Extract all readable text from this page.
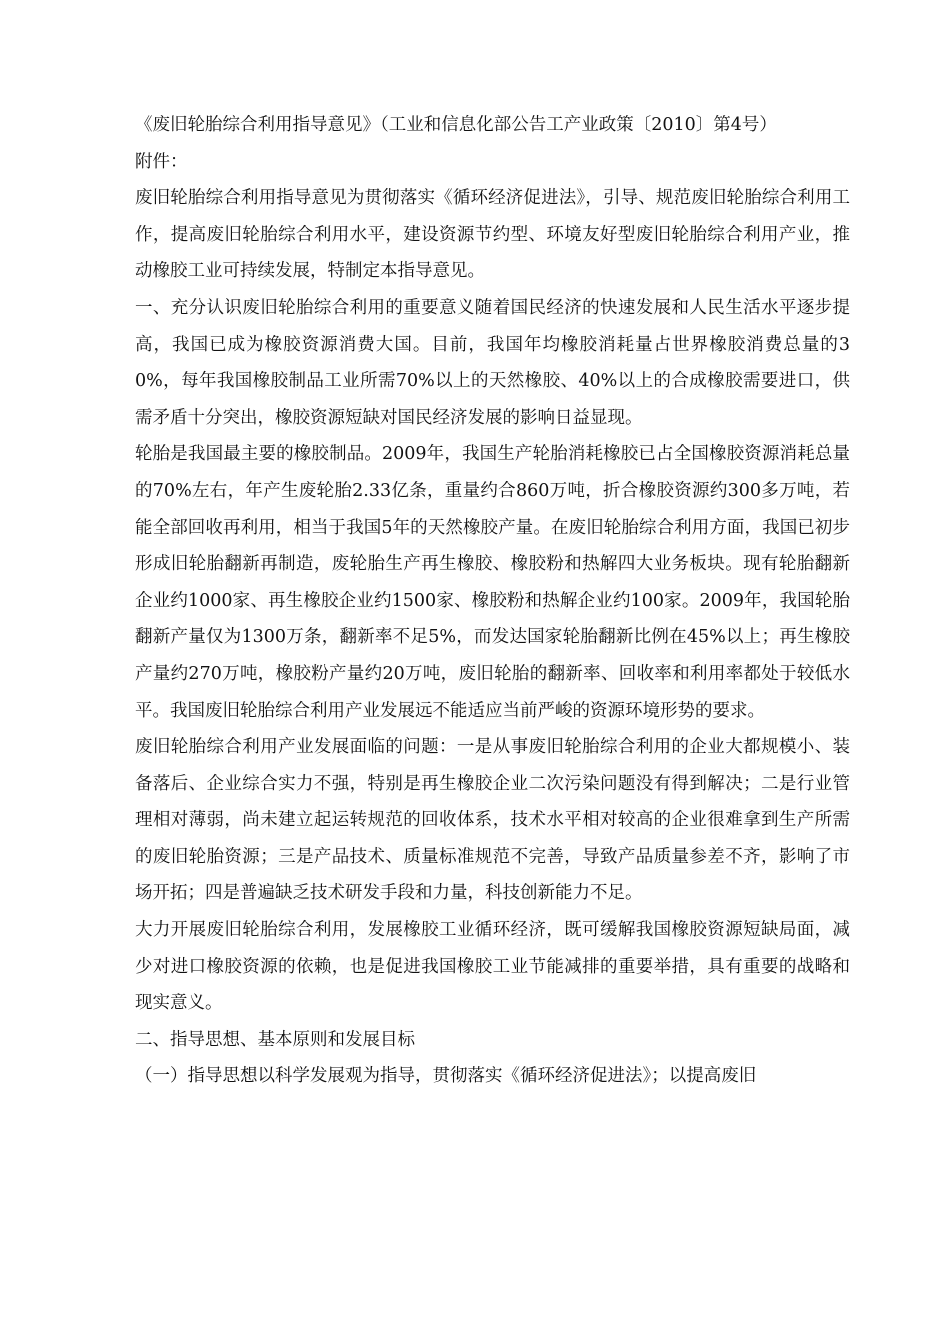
《废旧轮胎综合利用指导意见》（工业和信息化部公告工产业政策〔2010〕第4号）

附件：

废旧轮胎综合利用指导意见为贯彻落实《循环经济促进法》，引导、规范废旧轮胎综合利用工作，提高废旧轮胎综合利用水平，建设资源节约型、环境友好型废旧轮胎综合利用产业，推动橡胶工业可持续发展，特制定本指导意见。

一、充分认识废旧轮胎综合利用的重要意义随着国民经济的快速发展和人民生活水平逐步提高，我国已成为橡胶资源消费大国。目前，我国年均橡胶消耗量占世界橡胶消费总量的30%，每年我国橡胶制品工业所需70%以上的天然橡胶、40%以上的合成橡胶需要进口，供需矛盾十分突出，橡胶资源短缺对国民经济发展的影响日益显现。

轮胎是我国最主要的橡胶制品。2009年，我国生产轮胎消耗橡胶已占全国橡胶资源消耗总量的70%左右，年产生废轮胎2.33亿条，重量约合860万吨，折合橡胶资源约300多万吨，若能全部回收再利用，相当于我国5年的天然橡胶产量。在废旧轮胎综合利用方面，我国已初步形成旧轮胎翻新再制造，废轮胎生产再生橡胶、橡胶粉和热解四大业务板块。现有轮胎翻新企业约1000家、再生橡胶企业约1500家、橡胶粉和热解企业约100家。2009年，我国轮胎翻新产量仅为1300万条，翻新率不足5%，而发达国家轮胎翻新比例在45%以上；再生橡胶产量约270万吨，橡胶粉产量约20万吨，废旧轮胎的翻新率、回收率和利用率都处于较低水平。我国废旧轮胎综合利用产业发展远不能适应当前严峻的资源环境形势的要求。

废旧轮胎综合利用产业发展面临的问题：一是从事废旧轮胎综合利用的企业大都规模小、装备落后、企业综合实力不强，特别是再生橡胶企业二次污染问题没有得到解决；二是行业管理相对薄弱，尚未建立起运转规范的回收体系，技术水平相对较高的企业很难拿到生产所需的废旧轮胎资源；三是产品技术、质量标准规范不完善，导致产品质量参差不齐，影响了市场开拓；四是普遍缺乏技术研发手段和力量，科技创新能力不足。

大力开展废旧轮胎综合利用，发展橡胶工业循环经济，既可缓解我国橡胶资源短缺局面，减少对进口橡胶资源的依赖，也是促进我国橡胶工业节能减排的重要举措，具有重要的战略和现实意义。

二、指导思想、基本原则和发展目标

（一）指导思想以科学发展观为指导，贯彻落实《循环经济促进法》；以提高废旧
